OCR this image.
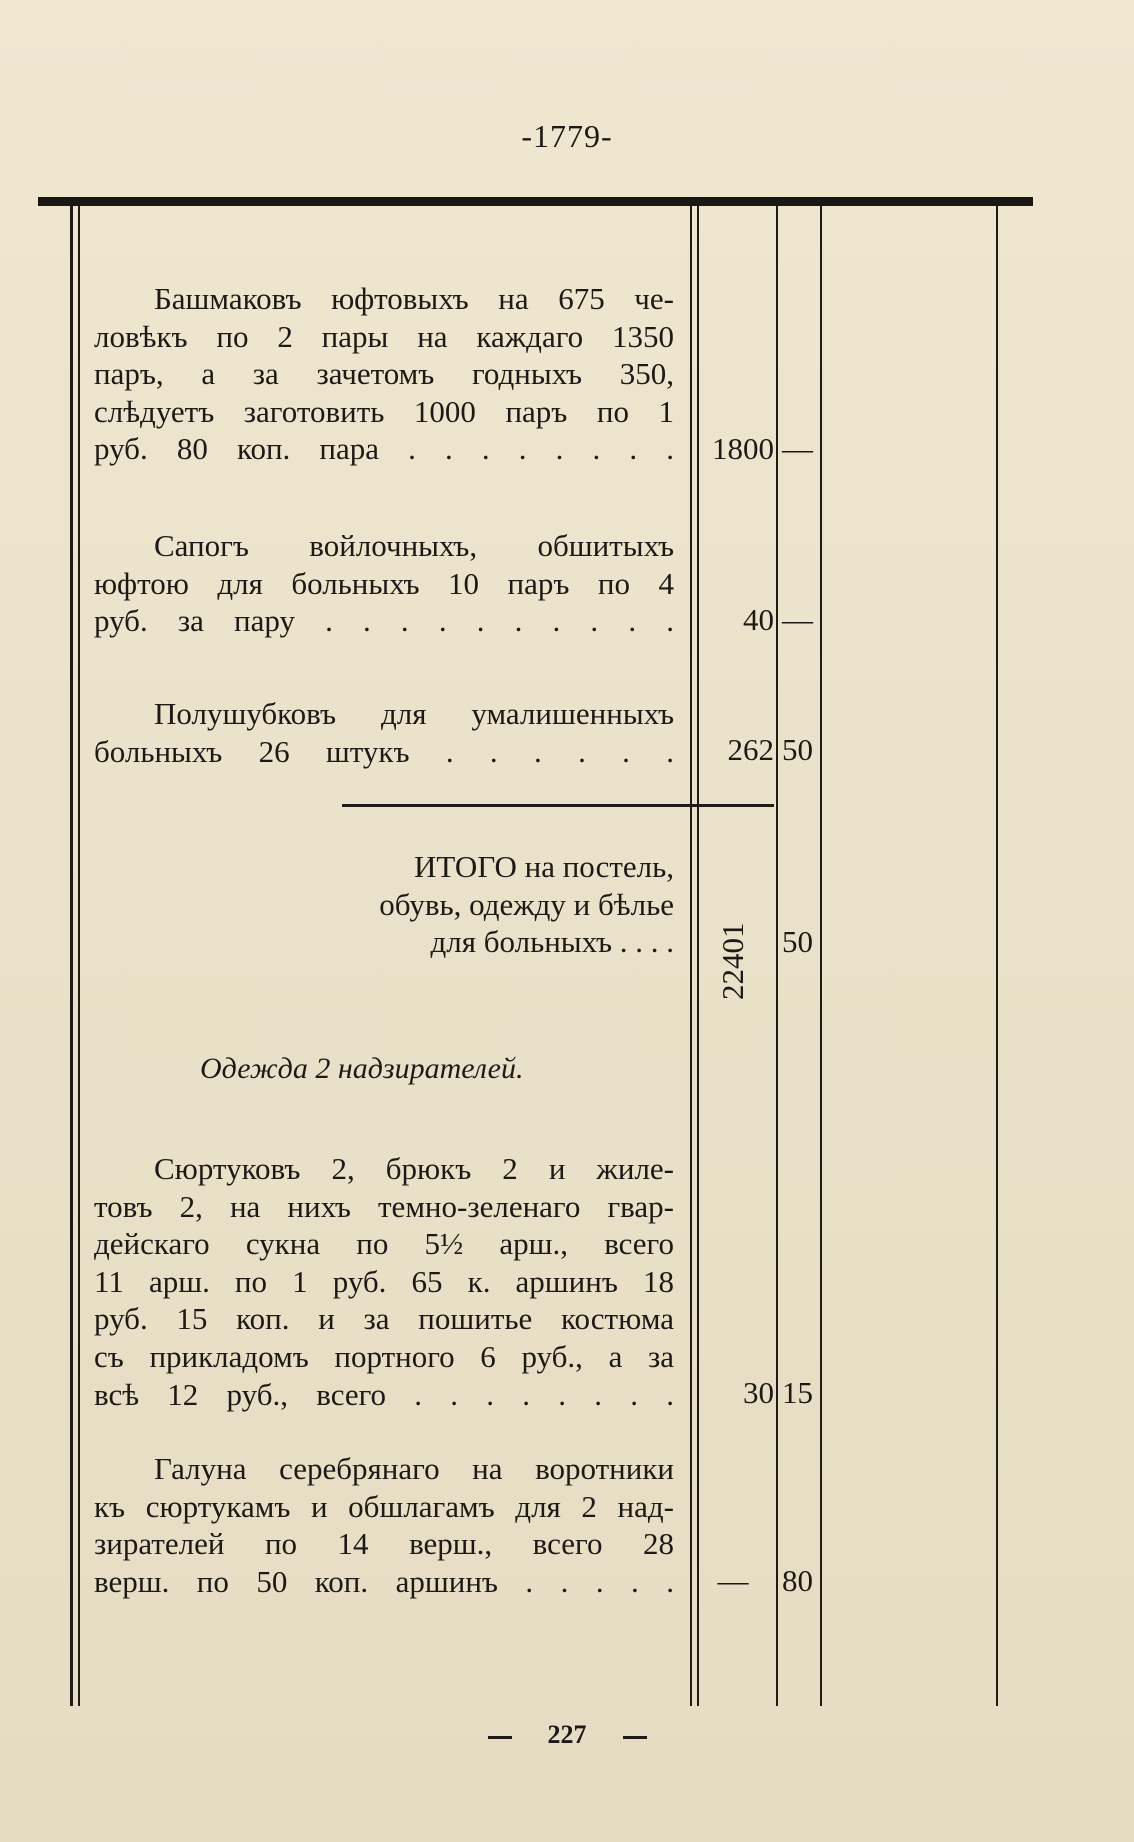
-1779-
Башмаковъ юфтовыхъ на 675 че-
ловѣкъ по 2 пары на каждаго 1350
паръ, а за зачетомъ годныхъ 350,
слѣдуетъ заготовить 1000 паръ по 1
руб. 80 коп. пара . . . . . . . .	1800 —
Сапогъ войлочныхъ, обшитыхъ
юфтою для больныхъ 10 паръ по 4
руб. за пару . . . . . . . . . .	40 —
Полушубковъ для умалишенныхъ
больныхъ 26 штукъ . . . . . .	262 50
ИТОГО на постель,
обувь, одежду и бѣлье
для больныхъ . . . . 22401 50
Одежда 2 надзирателей.
Сюртуковъ 2, брюкъ 2 и жиле-
товъ 2, на нихъ темно-зеленаго гвар-
дейскаго сукна по 5½ арш., всего
11 арш. по 1 руб. 65 к. аршинъ 18
руб. 15 коп. и за пошитье костюма
съ прикладомъ портного 6 руб., а за
всѣ 12 руб., всего . . . . . . . .	30 15
Галуна серебрянаго на воротники
къ сюртукамъ и обшлагамъ для 2 над-
зирателей по 14 верш., всего 28
верш. по 50 коп. аршинъ . . . . .	—	80
227
